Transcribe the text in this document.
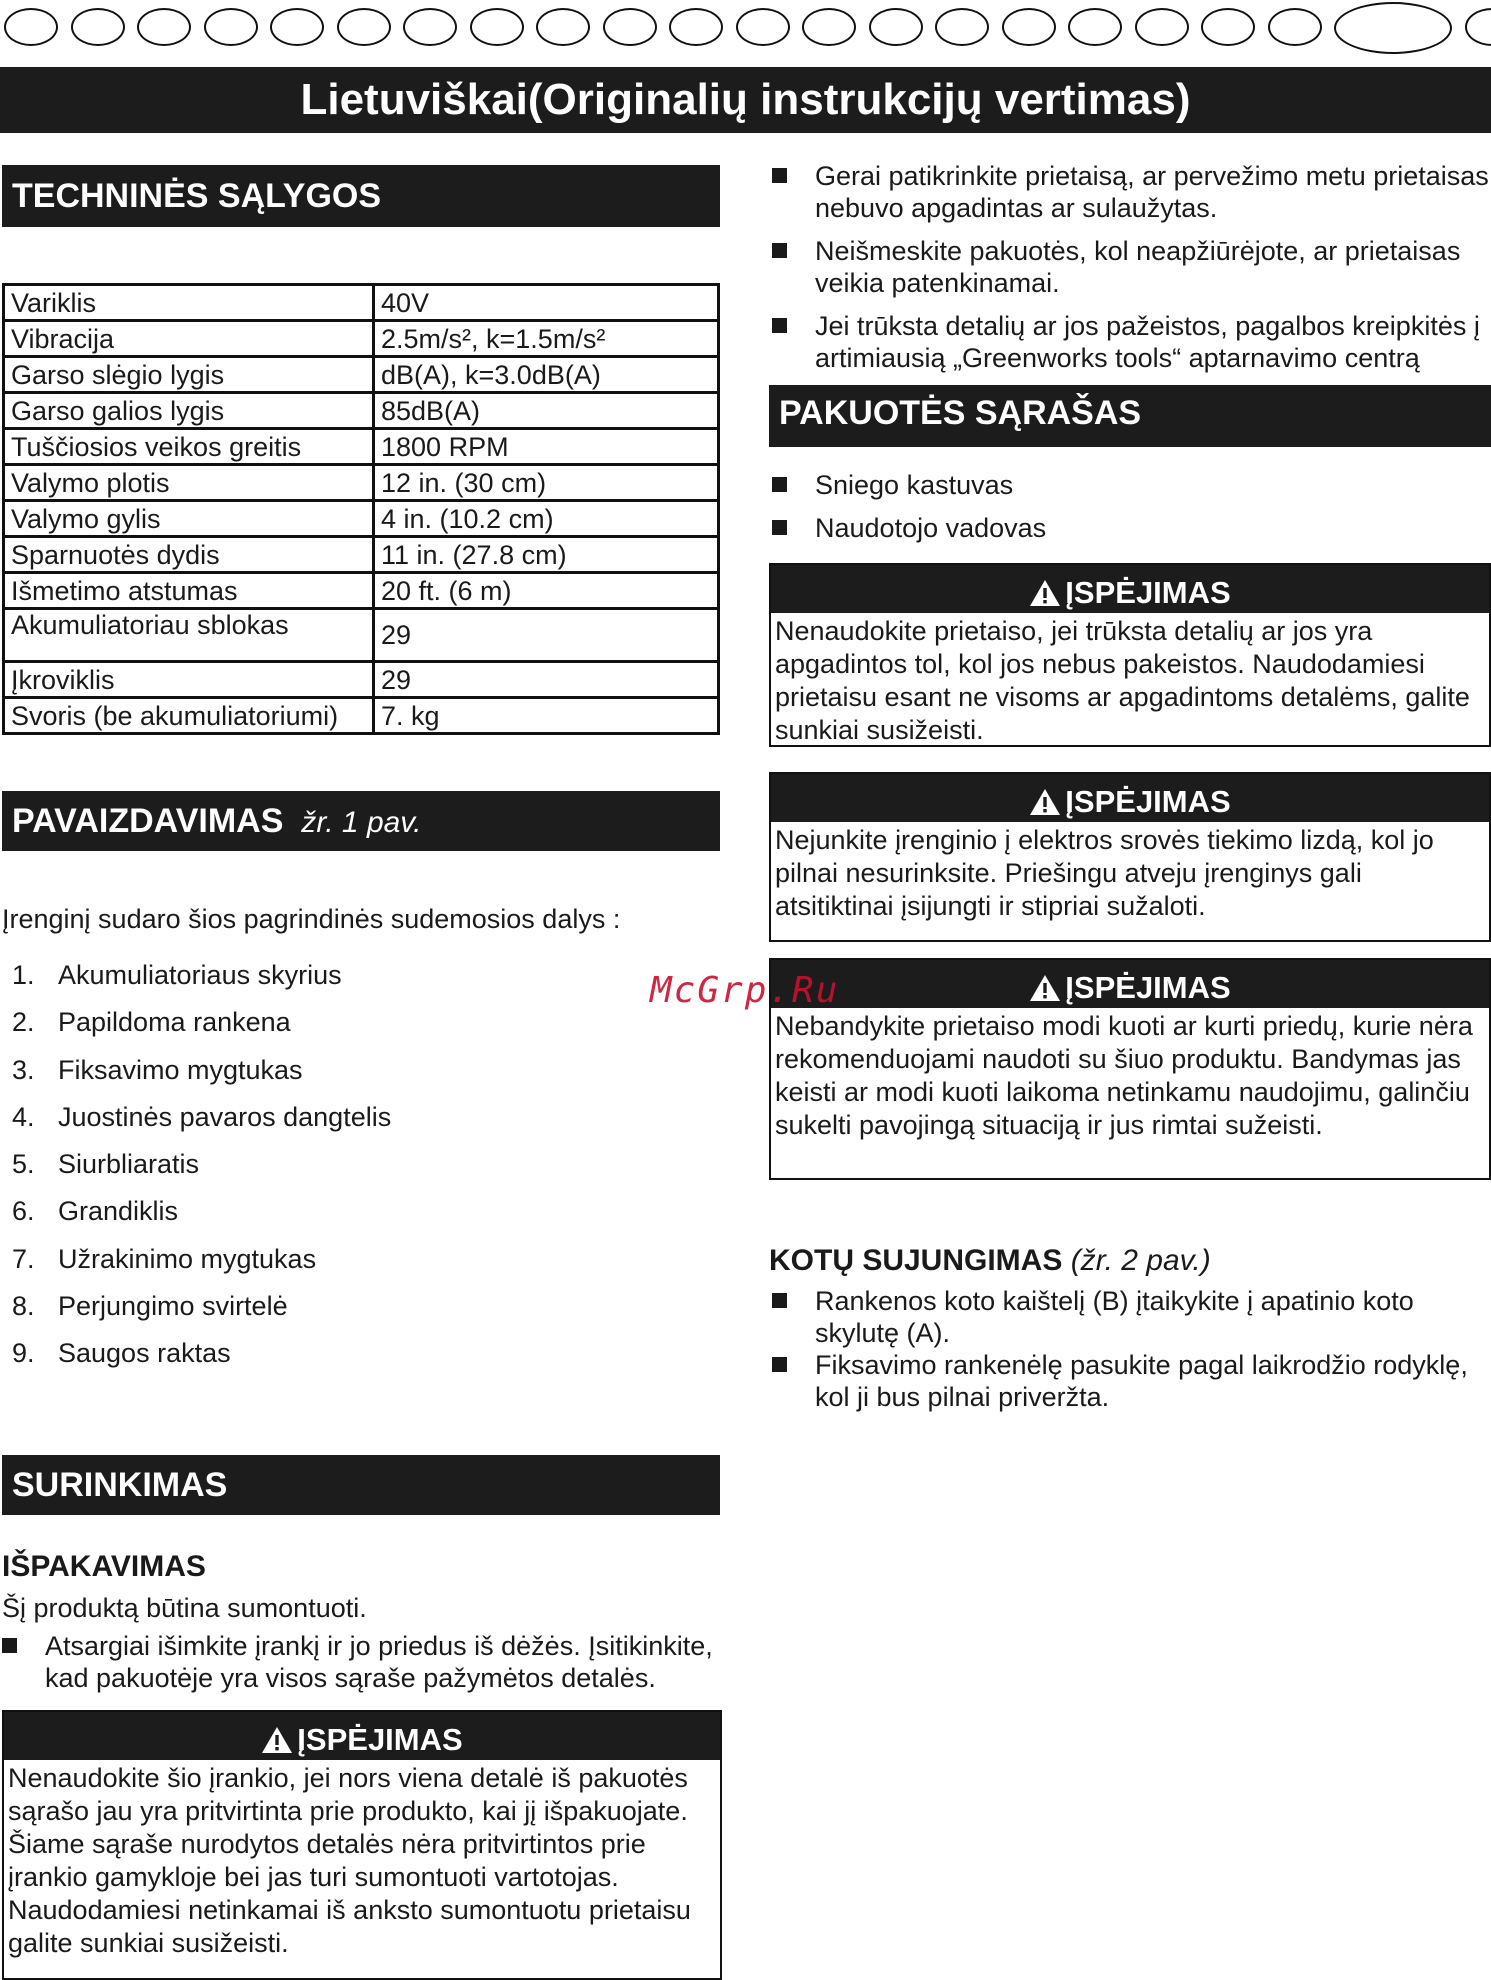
Lietuviškai(Originalių instrukcijų vertimas)
TECHNINĖS SĄLYGOS
Variklis	40V
Vibracija	2.5m/s², k=1.5m/s²
Garso slėgio lygis	dB(A), k=3.0dB(A)
Garso galios lygis	85dB(A)
Tuščiosios veikos greitis	1800 RPM
Valymo plotis	12 in. (30 cm)
Valymo gylis	4 in. (10.2 cm)
Sparnuotės dydis	11 in. (27.8 cm)
Išmetimo atstumas	20 ft. (6 m)
Akumuliatoriau sblokas	29
Įkroviklis	29
Svoris (be akumuliatoriumi)	7. kg
PAVAIZDAVIMAS žr. 1 pav.
Įrenginį sudaro šios pagrindinės sudemosios dalys :
1. Akumuliatoriaus skyrius
2. Papildoma rankena
3. Fiksavimo mygtukas
4. Juostinės pavaros dangtelis
5. Siurbliaratis
6. Grandiklis
7. Užrakinimo mygtukas
8. Perjungimo svirtelė
9. Saugos raktas
SURINKIMAS
IŠPAKAVIMAS
Šį produktą būtina sumontuoti.
Atsargiai išimkite įrankį ir jo priedus iš dėžės. Įsitikinkite, kad pakuotėje yra visos sąraše pažymėtos detalės.
ĮSPĖJIMAS
Nenaudokite šio įrankio, jei nors viena detalė iš pakuotės sąrašo jau yra pritvirtinta prie produkto, kai jį išpakuojate. Šiame sąraše nurodytos detalės nėra pritvirtintos prie įrankio gamykloje bei jas turi sumontuoti vartotojas. Naudodamiesi netinkamai iš anksto sumontuotu prietaisu galite sunkiai susižeisti.
Gerai patikrinkite prietaisą, ar pervežimo metu prietaisas nebuvo apgadintas ar sulaužytas.
Neišmeskite pakuotės, kol neapžiūrėjote, ar prietaisas veikia patenkinamai.
Jei trūksta detalių ar jos pažeistos, pagalbos kreipkitės į artimiausią „Greenworks tools“ aptarnavimo centrą
PAKUOTĖS SĄRAŠAS
Sniego kastuvas
Naudotojo vadovas
ĮSPĖJIMAS
Nenaudokite prietaiso, jei trūksta detalių ar jos yra apgadintos tol, kol jos nebus pakeistos. Naudodamiesi prietaisu esant ne visoms ar apgadintoms detalėms, galite sunkiai susižeisti.
ĮSPĖJIMAS
Nejunkite įrenginio į elektros srovės tiekimo lizdą, kol jo pilnai nesurinksite. Priešingu atveju įrenginys gali atsitiktinai įsijungti ir stipriai sužaloti.
ĮSPĖJIMAS
Nebandykite prietaiso modi kuoti ar kurti priedų, kurie nėra rekomenduojami naudoti su šiuo produktu. Bandymas jas keisti ar modi kuoti laikoma netinkamu naudojimu, galinčiu sukelti pavojingą situaciją ir jus rimtai sužeisti.
KOTŲ SUJUNGIMAS (žr. 2 pav.)
Rankenos koto kaištelį (B) įtaikykite į apatinio koto skylutę (A).
Fiksavimo rankenėlę pasukite pagal laikrodžio rodyklę, kol ji bus pilnai priveržta.
McGrp.Ru
